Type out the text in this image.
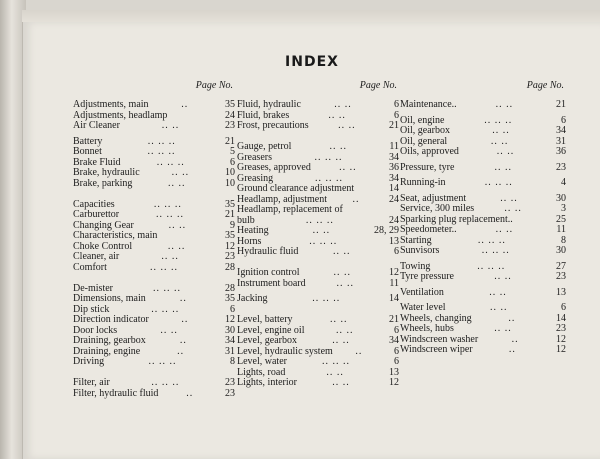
INDEX
Page No.
Adjustments, main	..	35
Adjustments, headlamp	24
Air Cleaner	.. ..	23
Battery	.. .. ..	21
Bonnet	.. .. ..	5
Brake Fluid	.. .. ..	6
Brake, hydraulic	.. ..	10
Brake, parking	.. ..	10
Capacities	.. .. ..	35
Carburettor	.. .. ..	21
Changing Gear	.. ..	9
Characteristics, main	35
Choke Control	.. ..	12
Cleaner, air	.. ..	23
Comfort	.. .. ..	28
De-mister	.. .. ..	28
Dimensions, main	..	35
Dip stick	.. .. ..	6
Direction indicator	..	12
Door locks	.. ..	30
Draining, gearbox	..	34
Draining, engine	..	31
Driving	.. .. ..	8
Filter, air	.. .. ..	23
Filter, hydraulic fluid	..	23
Page No.
Fluid, hydraulic	.. ..	6
Fluid, brakes	.. ..	6
Frost, precautions	.. ..	21
Gauge, petrol	.. ..	11
Greasers	.. .. ..	34
Greases, approved	.. ..	36
Greasing	.. .. ..	34
Ground clearance adjustment	14
Headlamp, adjustment	..	24
Headlamp, replacement of
bulb	.. .. ..	24
Heating	.. ..	28, 29
Horns	.. .. ..	13
Hydraulic fluid	.. ..	6
Ignition control	.. ..	12
Instrument board	.. ..	11
Jacking	.. .. ..	14
Level, battery	.. ..	21
Level, engine oil	.. ..	6
Level, gearbox	.. ..	34
Level, hydraulic system	..	6
Level, water	.. .. ..	6
Lights, road	.. ..	13
Lights, interior	.. ..	12
Page No.
Maintenance..	.. ..	21
Oil, engine	.. .. ..	6
Oil, gearbox	.. ..	34
Oil, general	.. ..	31
Oils, approved	.. ..	36
Pressure, tyre	.. ..	23
Running-in	.. .. ..	4
Seat, adjustment	.. ..	30
Service, 300 miles	.. ..	3
Sparking plug replacement..	25
Speedometer..	.. ..	11
Starting	.. .. ..	8
Sunvisors	.. .. ..	30
Towing	.. .. ..	27
Tyre pressure	.. ..	23
Ventilation	.. ..	13
Water level	.. ..	6
Wheels, changing	..	14
Wheels, hubs	.. ..	23
Windscreen washer	..	12
Windscreen wiper	..	12
